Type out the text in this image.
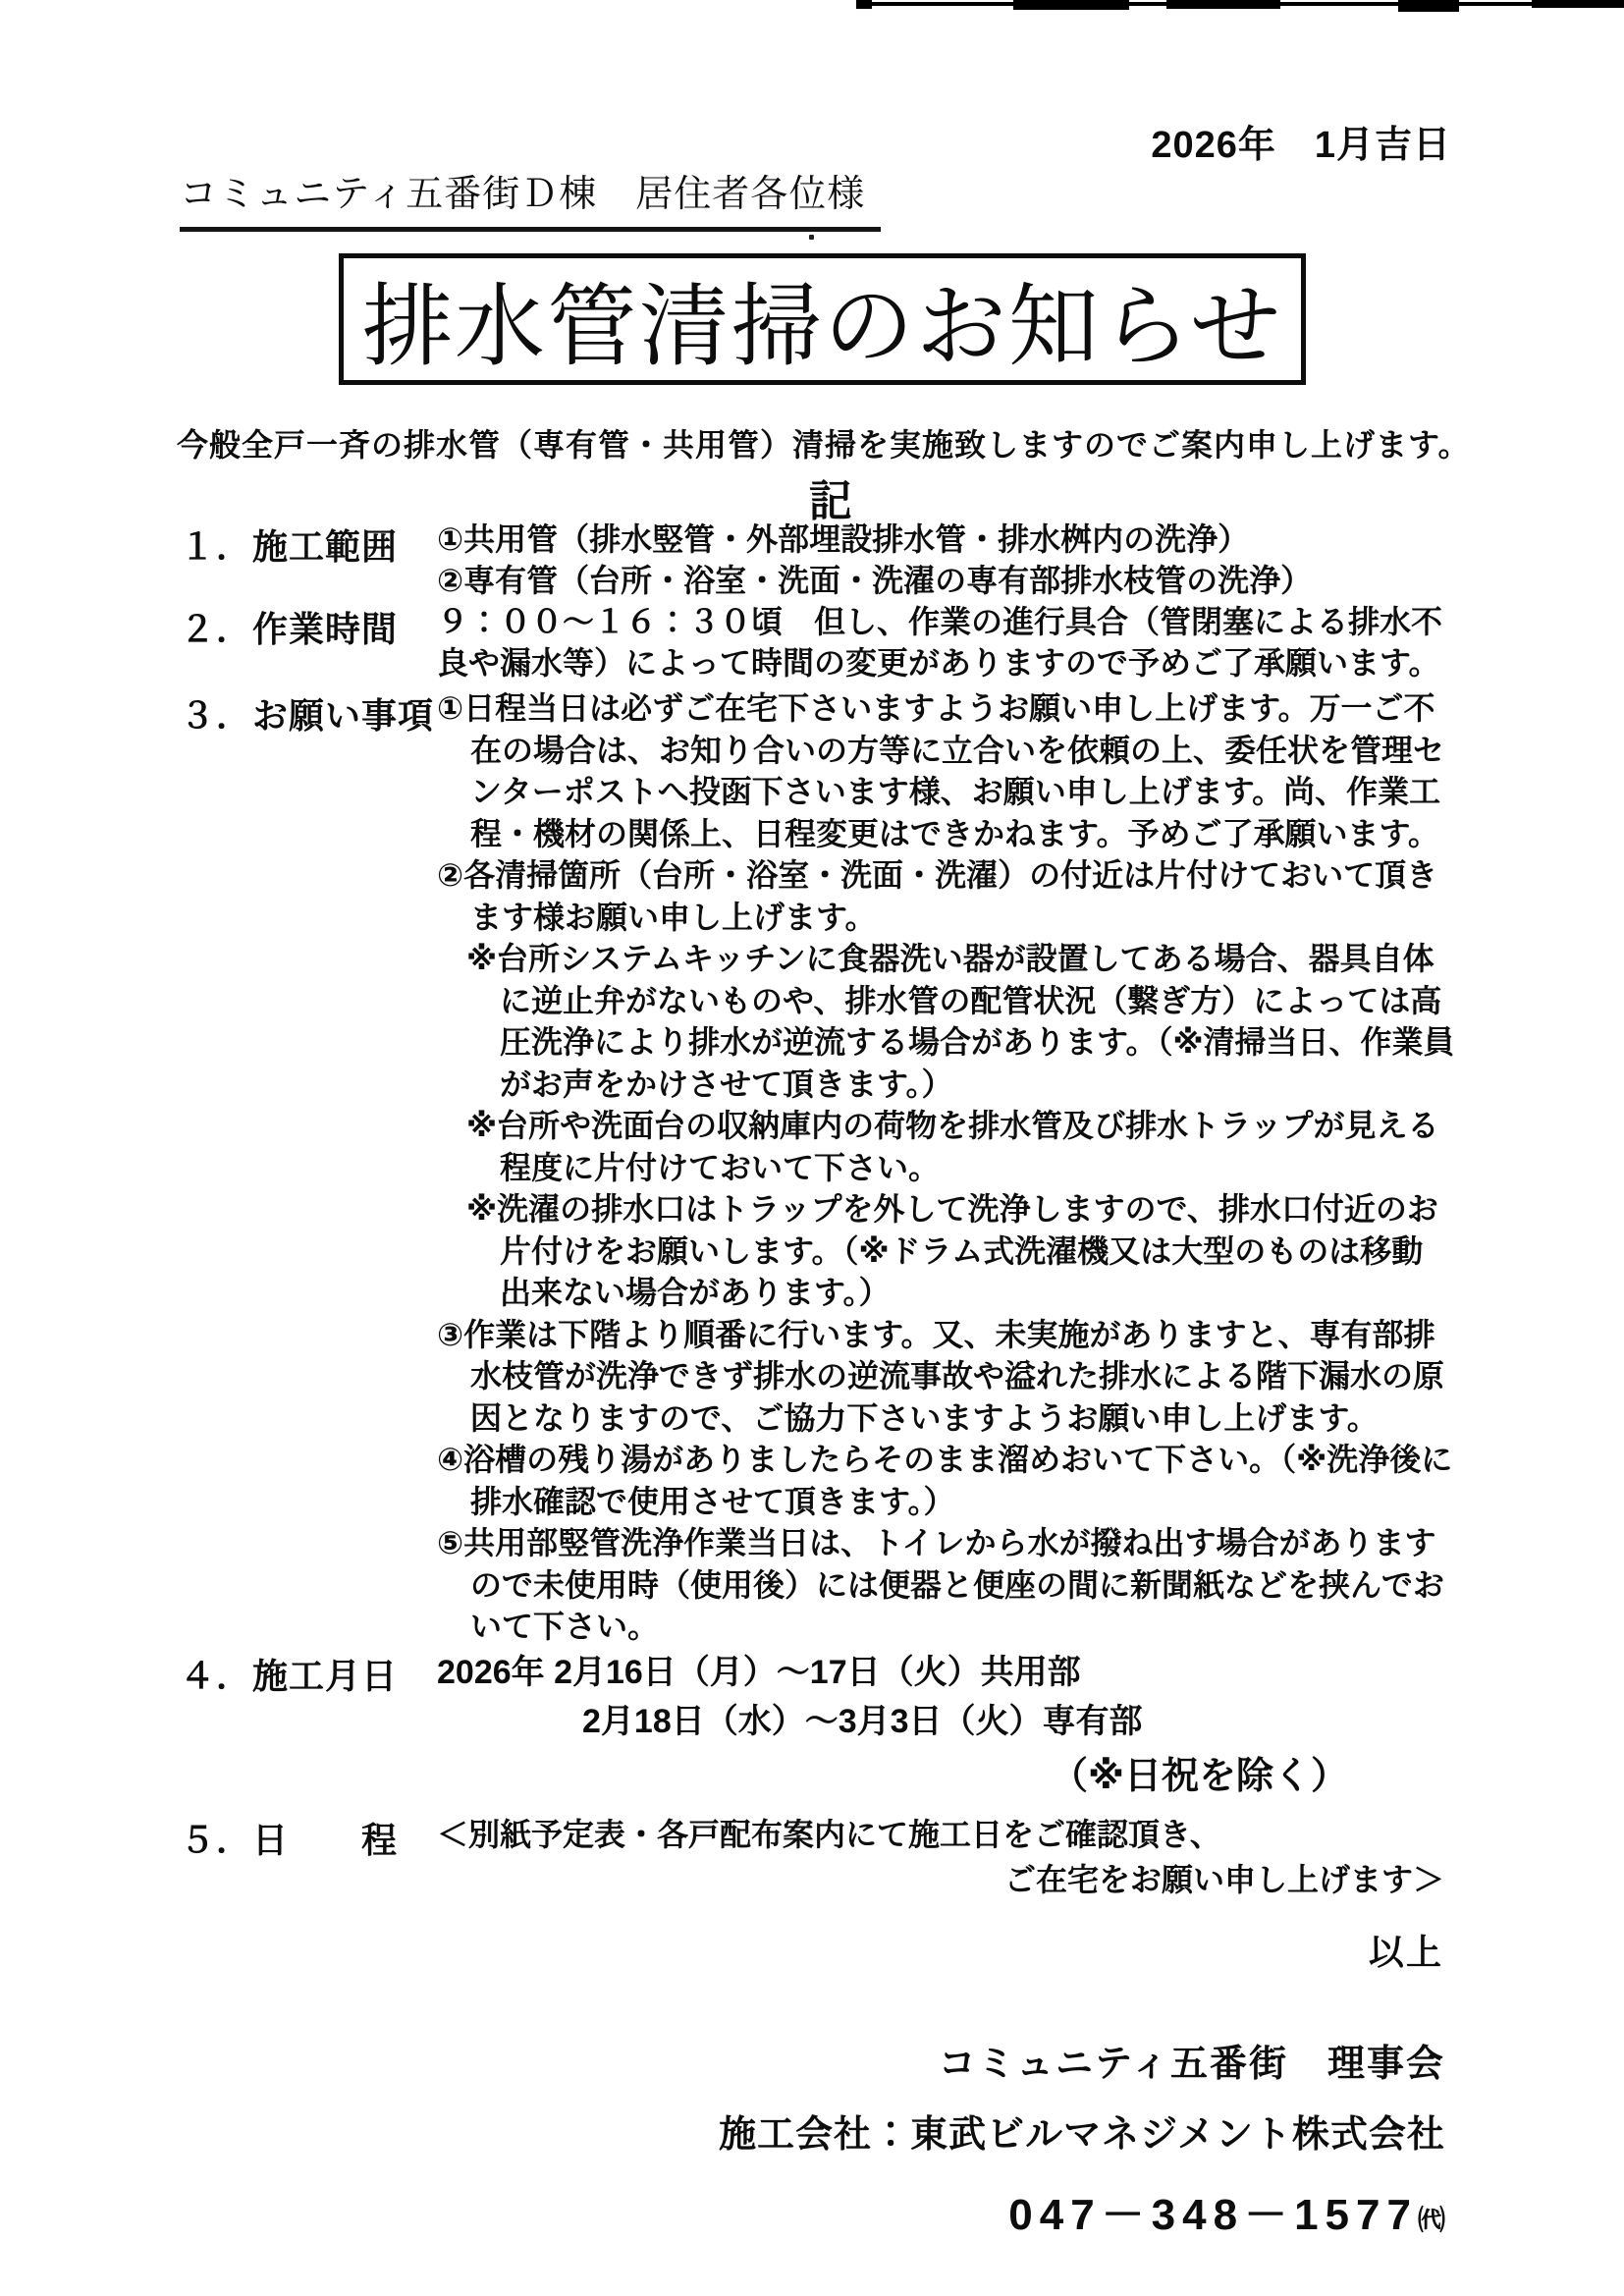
2026年　1月吉日
コミュニティ五番街Ｄ棟　居住者各位様
排水管清掃のお知らせ
今般全戸一斉の排水管（専有管・共用管）清掃を実施致しますのでご案内申し上げます。
記
１．施工範囲	①共用管（排水竪管・外部埋設排水管・排水桝内の洗浄）
②専有管（台所・浴室・洗面・洗濯の専有部排水枝管の洗浄）
２．作業時間	９：００～１６：３０頃　但し、作業の進行具合（管閉塞による排水不
良や漏水等）によって時間の変更がありますので予めご了承願います。
３．お願い事項 ①日程当日は必ずご在宅下さいますようお願い申し上げます。万一ご不
在の場合は、お知り合いの方等に立合いを依頼の上、委任状を管理セ
ンターポストへ投函下さいます様、お願い申し上げます。尚、作業工
程・機材の関係上、日程変更はできかねます。予めご了承願います。
②各清掃箇所（台所・浴室・洗面・洗濯）の付近は片付けておいて頂き
ます様お願い申し上げます。
※台所システムキッチンに食器洗い器が設置してある場合、器具自体
に逆止弁がないものや、排水管の配管状況（繋ぎ方）によっては高
圧洗浄により排水が逆流する場合があります。（※清掃当日、作業員
がお声をかけさせて頂きます。）
※台所や洗面台の収納庫内の荷物を排水管及び排水トラップが見える
程度に片付けておいて下さい。
※洗濯の排水口はトラップを外して洗浄しますので、排水口付近のお
片付けをお願いします。（※ドラム式洗濯機又は大型のものは移動
出来ない場合があります。）
③作業は下階より順番に行います。又、未実施がありますと、専有部排
水枝管が洗浄できず排水の逆流事故や溢れた排水による階下漏水の原
因となりますので、ご協力下さいますようお願い申し上げます。
④浴槽の残り湯がありましたらそのまま溜めおいて下さい。（※洗浄後に
排水確認で使用させて頂きます。）
⑤共用部竪管洗浄作業当日は、トイレから水が撥ね出す場合があります
ので未使用時（使用後）には便器と便座の間に新聞紙などを挟んでお
いて下さい。
４．施工月日	2026年 2月16日（月）～17日（火）共用部
2月18日（水）～3月3日（火）専有部
（※日祝を除く）
５．日　　程	＜別紙予定表・各戸配布案内にて施工日をご確認頂き、
ご在宅をお願い申し上げます＞
以上
コミュニティ五番街　理事会
施工会社：東武ビルマネジメント株式会社
047－348－1577㈹
